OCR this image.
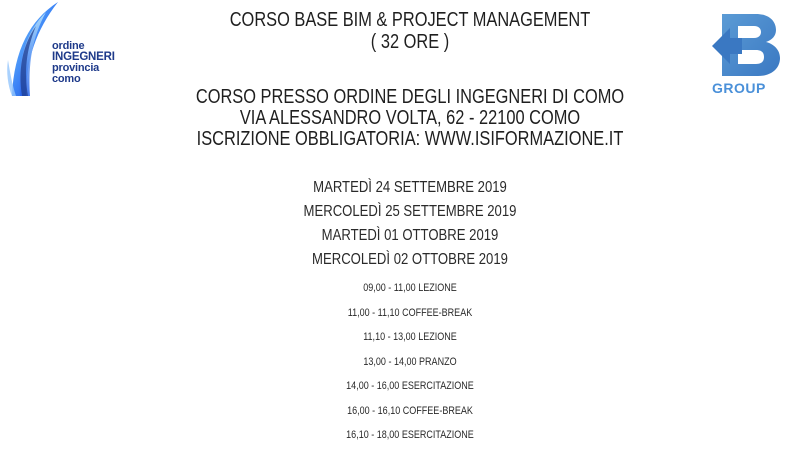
ordine
INGEGNERI
provincia
como
GROUP
CORSO BASE BIM & PROJECT MANAGEMENT
( 32 ORE )
CORSO PRESSO ORDINE DEGLI INGEGNERI DI COMO
VIA ALESSANDRO VOLTA, 62 - 22100 COMO
ISCRIZIONE OBBLIGATORIA: WWW.ISIFORMAZIONE.IT
MARTEDÌ 24 SETTEMBRE 2019
MERCOLEDÌ 25 SETTEMBRE 2019
MARTEDÌ 01 OTTOBRE 2019
MERCOLEDÌ 02 OTTOBRE 2019
09,00 - 11,00 LEZIONE
11,00 - 11,10 COFFEE-BREAK
11,10 - 13,00 LEZIONE
13,00 - 14,00 PRANZO
14,00 - 16,00 ESERCITAZIONE
16,00 - 16,10 COFFEE-BREAK
16,10 - 18,00 ESERCITAZIONE
